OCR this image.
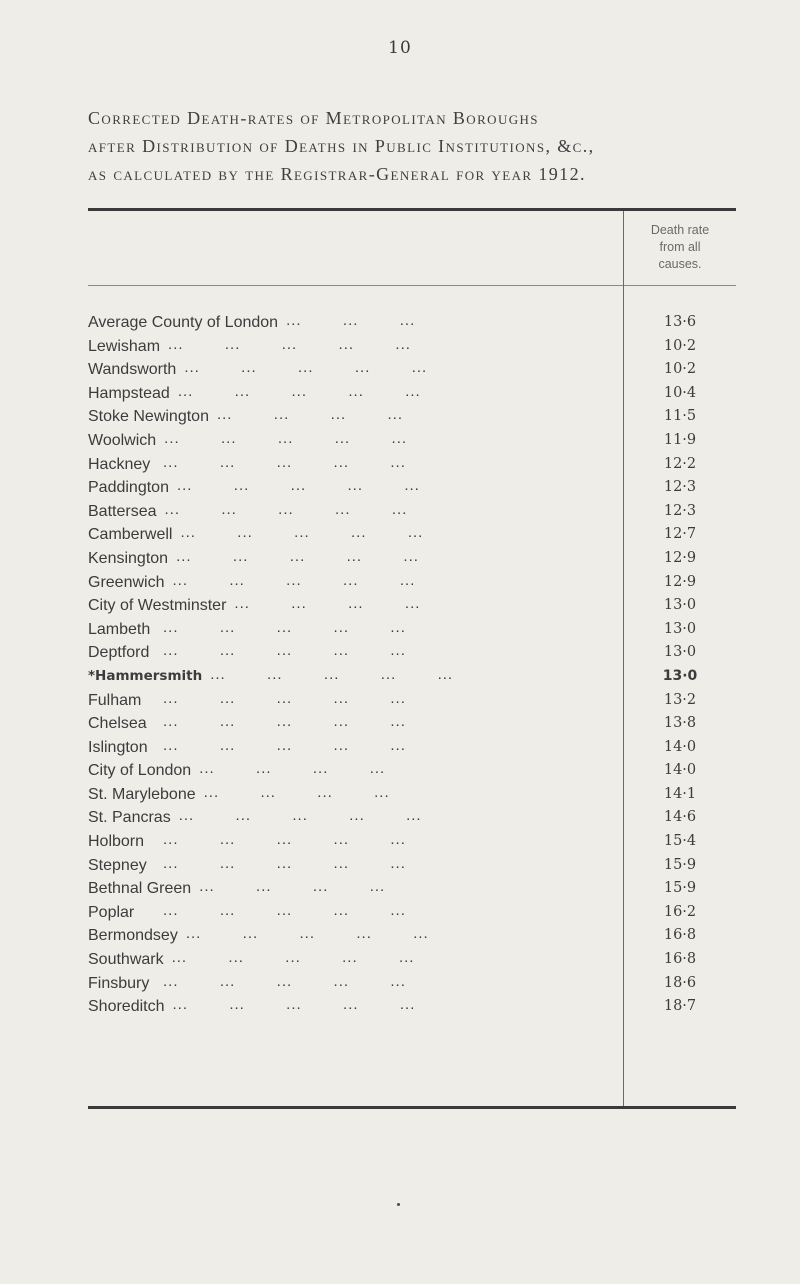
10
Corrected Death-rates of Metropolitan Boroughs
after Distribution of Deaths in Public Institutions, &c.,
as calculated by the Registrar-General for year 1912.
Death rate
from all
causes.
Average County of London ...        ...        ...	13·6
Lewisham ...        ...        ...        ...        ...	10·2
Wandsworth ...        ...        ...        ...        ...	10·2
Hampstead ...        ...        ...        ...        ...	10·4
Stoke Newington ...        ...        ...        ...	11·5
Woolwich ...        ...        ...        ...        ...	11·9
Hackney ...        ...        ...        ...        ...	12·2
Paddington ...        ...        ...        ...        ...	12·3
Battersea ...        ...        ...        ...        ...	12·3
Camberwell ...        ...        ...        ...        ...	12·7
Kensington ...        ...        ...        ...        ...	12·9
Greenwich ...        ...        ...        ...        ...	12·9
City of Westminster ...        ...        ...        ...	13·0
Lambeth ...        ...        ...        ...        ...	13·0
Deptford ...        ...        ...        ...        ...	13·0
*Hammersmith ...        ...        ...        ...        ...	13·0
Fulham ...        ...        ...        ...        ...	13·2
Chelsea ...        ...        ...        ...        ...	13·8
Islington ...        ...        ...        ...        ...	14·0
City of London ...        ...        ...        ...	14·0
St. Marylebone ...        ...        ...        ...	14·1
St. Pancras ...        ...        ...        ...        ...	14·6
Holborn ...        ...        ...        ...        ...	15·4
Stepney ...        ...        ...        ...        ...	15·9
Bethnal Green ...        ...        ...        ...	15·9
Poplar ...        ...        ...        ...        ...	16·2
Bermondsey ...        ...        ...        ...        ...	16·8
Southwark ...        ...        ...        ...        ...	16·8
Finsbury ...        ...        ...        ...        ...	18·6
Shoreditch ...        ...        ...        ...        ...	18·7
